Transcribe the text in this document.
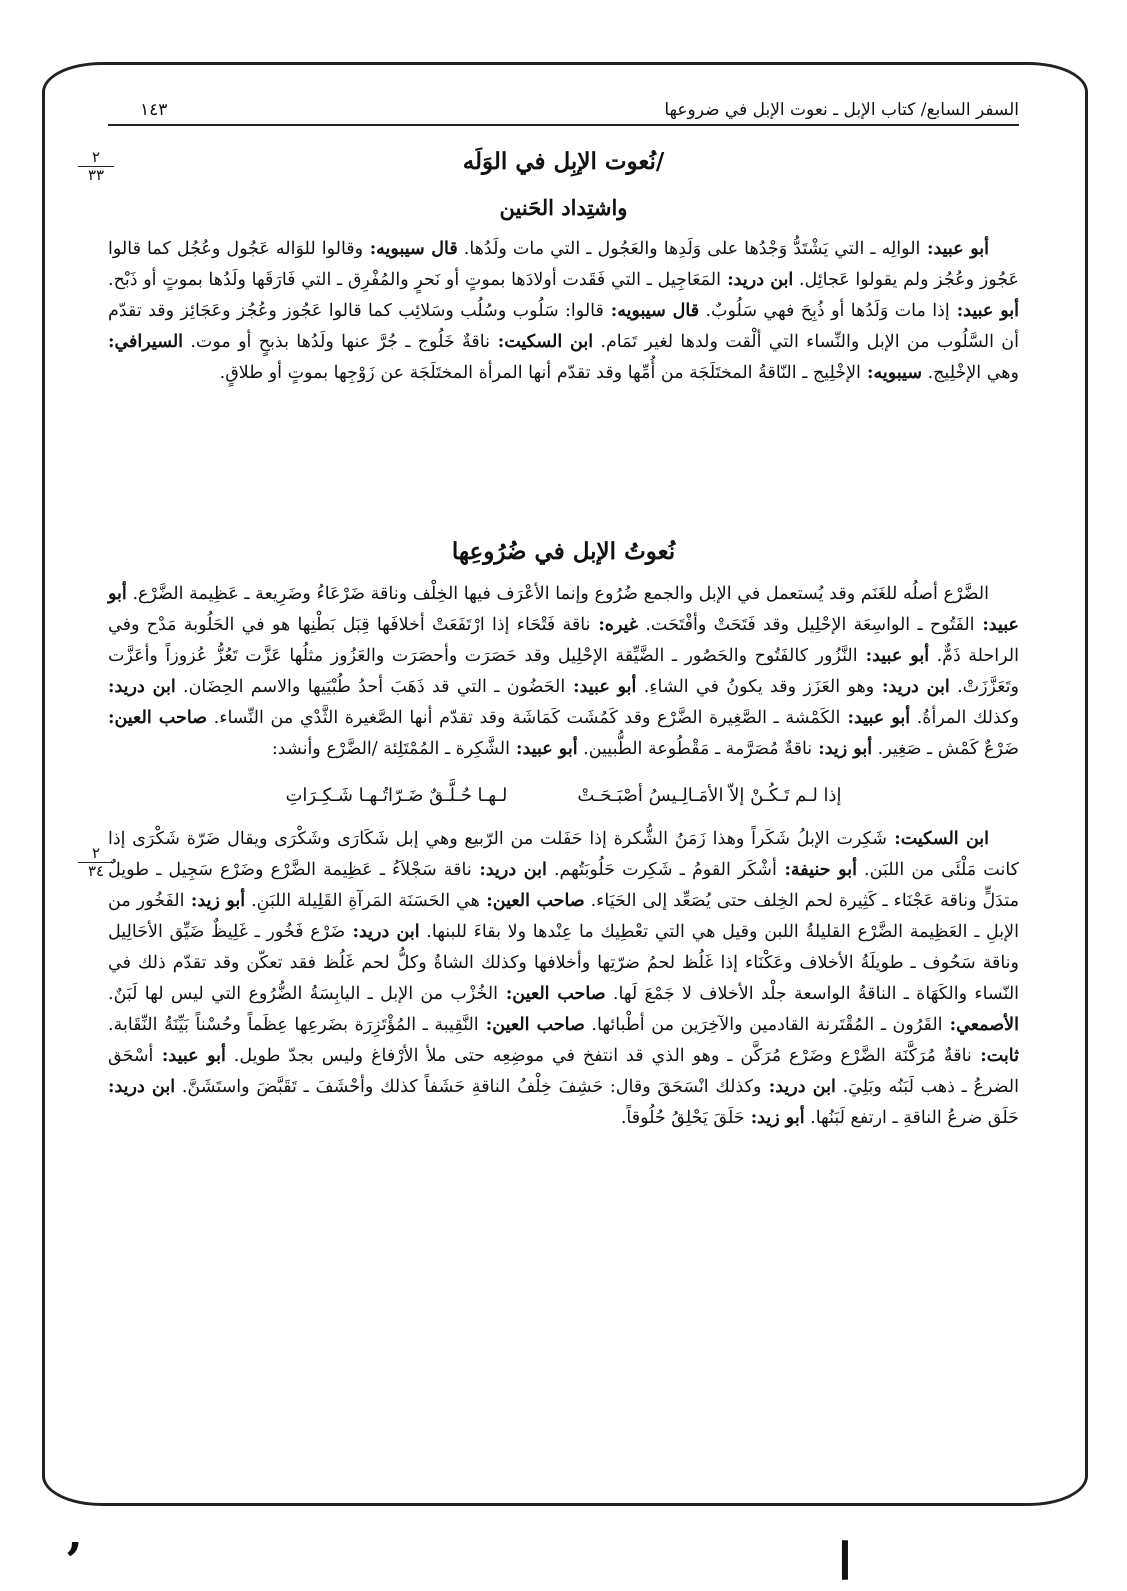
السفر السابع/ كتاب الإبل ـ نعوت الإبل في ضروعها
١٤٣
٢
٣٣
٢
٣٤
/نُعوت الإبِل في الوَلَه
واشتِداد الحَنين

أبو عبيد: الوالِه ـ التي يَشْتَدُّ وَجْدُها على وَلَدِها والعَجُول ـ التي مات ولَدُها. قال سيبويه: وقالوا للوَاله عَجُول وعُجُل كما قالوا عَجُوز وعُجُز ولم يقولوا عَجائِل. ابن دريد: المَعَاجِيل ـ التي فَقَدت أولادَها بموتٍ أو نَحرٍ والمُفْرِق ـ التي فَارَقَها ولَدُها بموتٍ أو ذَبْح. أبو عبيد: إذا مات وَلَدُها أو ذُبِحَ فهي سَلُوبٌ. قال سيبويه: قالوا: سَلُوب وسُلُب وسَلائِب كما قالوا عَجُوز وعُجُز وعَجَائِز وقد تقدّم أن السَّلُوب من الإبل والنِّساء التي ألْقت ولدها لغير تَمَام. ابن السكيت: ناقةٌ خَلُوج ـ جُرَّ عنها ولَدُها بذبحٍ أو موت. السيرافي: وهي الإخْلِيج. سيبويه: الإخْلِيج ـ النّاقةُ المختَلَجَة من أُمِّها وقد تقدّم أنها المرأة المختَلَجَة عن زَوْجِها بموتٍ أو طلاقٍ.

نُعوتُ الإبل في ضُرُوعِها

الضَّرْع أصلُه للغَنَم وقد يُستعمل في الإبل والجمع ضُرُوع وإنما الأعْرَف فيها الخِلْف وناقة ضَرْعَاءُ وضَرِيعة ـ عَظِيمة الضَّرْع. أبو عبيد: الفَتُوح ـ الواسِعَة الإحْلِيل وقد فَتَحَتْ وأفْتَحَت. غيره: ناقة فَتْحَاء إذا ارْتَفَعَتْ أخلافَها قِبَل بَطْنِها هو في الحَلُوبة مَدْح وفي الراحلة ذَمٌّ. أبو عبيد: النَّزُور كالفَتُوح والحَصُور ـ الضَّيِّقة الإحْلِيل وقد حَصَرَت وأحصَرَت والعَزُوز مثلُها عَزَّت تَعُزُّ عُزوزاً وأعَزَّت وتَعَزَّزَتْ. ابن دريد: وهو العَزَز وقد يكونُ في الشاءِ. أبو عبيد: الحَضُون ـ التي قد ذَهَبَ أحدُ طُبْيَيها والاسم الحِضَان. ابن دريد: وكذلك المرأةُ. أبو عبيد: الكَمْشة ـ الصَّغِيرة الضَّرْع وقد كَمُشَت كَمَاشَة وقد تقدّم أنها الصَّغيرة الثَّدْي من النِّساء. صاحب العين: ضَرْعٌ كَمْش ـ صَغِير. أبو زيد: ناقةٌ مُصَرَّمة ـ مَقْطُوعة الطُّبيين. أبو عبيد: الشَّكِرة ـ المُمْتَلِئة /الضَّرْع وأنشد:

إذا لـم تَـكُـنْ إلاّ الأمَـالِـيسُ أصْبَـحَـتْ
لـهـا حُـلَّـقٌ ضَـرّاتُـهـا شَـكِـرَاتِ

ابن السكيت: شَكِرت الإبلُ شَكَراً وهذا زَمَنُ الشُّكرة إذا حَفَلت من الرّبيع وهي إبل شَكَارَى وشَكْرَى ويقال ضَرّة شَكْرَى إذا كانت مَلْئَى من اللبَن. أبو حنيفة: أشْكَر القومُ ـ شَكِرت حَلُوبَتُهم. ابن دريد: ناقة سَجْلاَءُ ـ عَظِيمة الضَّرْع وضَرْع سَجِيل ـ طويلٌ متدَلٍّ وناقة عَجْنَاء ـ كَثِيرة لحم الخِلف حتى يُصَعِّد إلى الحَيَاء. صاحب العين: هي الحَسَنَة المَرآةِ القَلِيلة اللبَنِ. أبو زيد: الفَخُور من الإبلِ ـ العَظِيمة الضَّرْع القليلةُ اللبن وقيل هي التي تعْطِيك ما عِنْدها ولا بقاءَ للبنها. ابن دريد: ضَرْع فَخُور ـ غَلِيظٌ ضَيِّق الأحَالِيل وناقة سَحُوف ـ طويلَةُ الأخلاف وعَكْنَاء إذا غَلُظ لحمُ ضرّتِها وأخلافها وكذلك الشاةُ وكلُّ لحم غَلُظ فقد تعكّن وقد تقدّم ذلك في النّساء والكَهَاة ـ الناقةُ الواسعة جلْد الأخلاف لا جَمْعَ لَها. صاحب العين: الخُزْب من الإبل ـ اليابِسَةُ الضُّرُوع التي ليس لها لَبَنٌ. الأصمعي: القَرُون ـ المُقْتَرنة القادمين والآخِرَين من أطْبائها. صاحب العين: النَّقِيبة ـ المُؤْتَزِرَة بضَرعِها عِظَماً وحُسْناً بَيِّنَةُ النِّقَابة. ثابت: ناقةٌ مُرَكَّنَة الضَّرْع وضَرْع مُرَكَّن ـ وهو الذي قد انتفخ في موضِعِه حتى ملأ الأرْفاغ وليس بجدّ طويل. أبو عبيد: أسْحَق الضرعُ ـ ذهب لَبَنُه وبَلِيَ. ابن دريد: وكذلك انْسَحَقَ وقال: حَشِفَ خِلْفُ الناقةِ حَشَفاً كذلك وأحْشَفَ ـ تَقَبَّضَ واستَشَنَّ. ابن دريد: حَلَق ضرعُ الناقةِ ـ ارتفع لَبَنُها. أبو زيد: حَلَقَ يَحْلِقُ حُلُوقاً.

ʼ	ا
